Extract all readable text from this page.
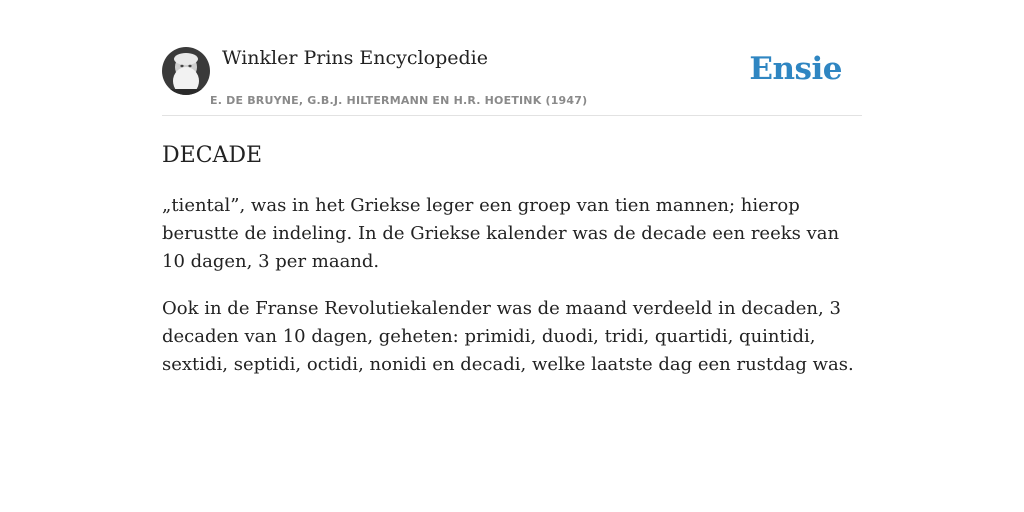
Winkler Prins Encyclopedie
E. DE BRUYNE, G.B.J. HILTERMANN EN H.R. HOETINK (1947)
Ensie
DECADE

„tiental”, was in het Griekse leger een groep van tien mannen; hierop berustte de indeling. In de Griekse kalender was de decade een reeks van 10 dagen, 3 per maand.

Ook in de Franse Revolutiekalender was de maand verdeeld in decaden, 3 decaden van 10 dagen, geheten: primidi, duodi, tridi, quartidi, quintidi, sextidi, septidi, octidi, nonidi en decadi, welke laatste dag een rustdag was.
